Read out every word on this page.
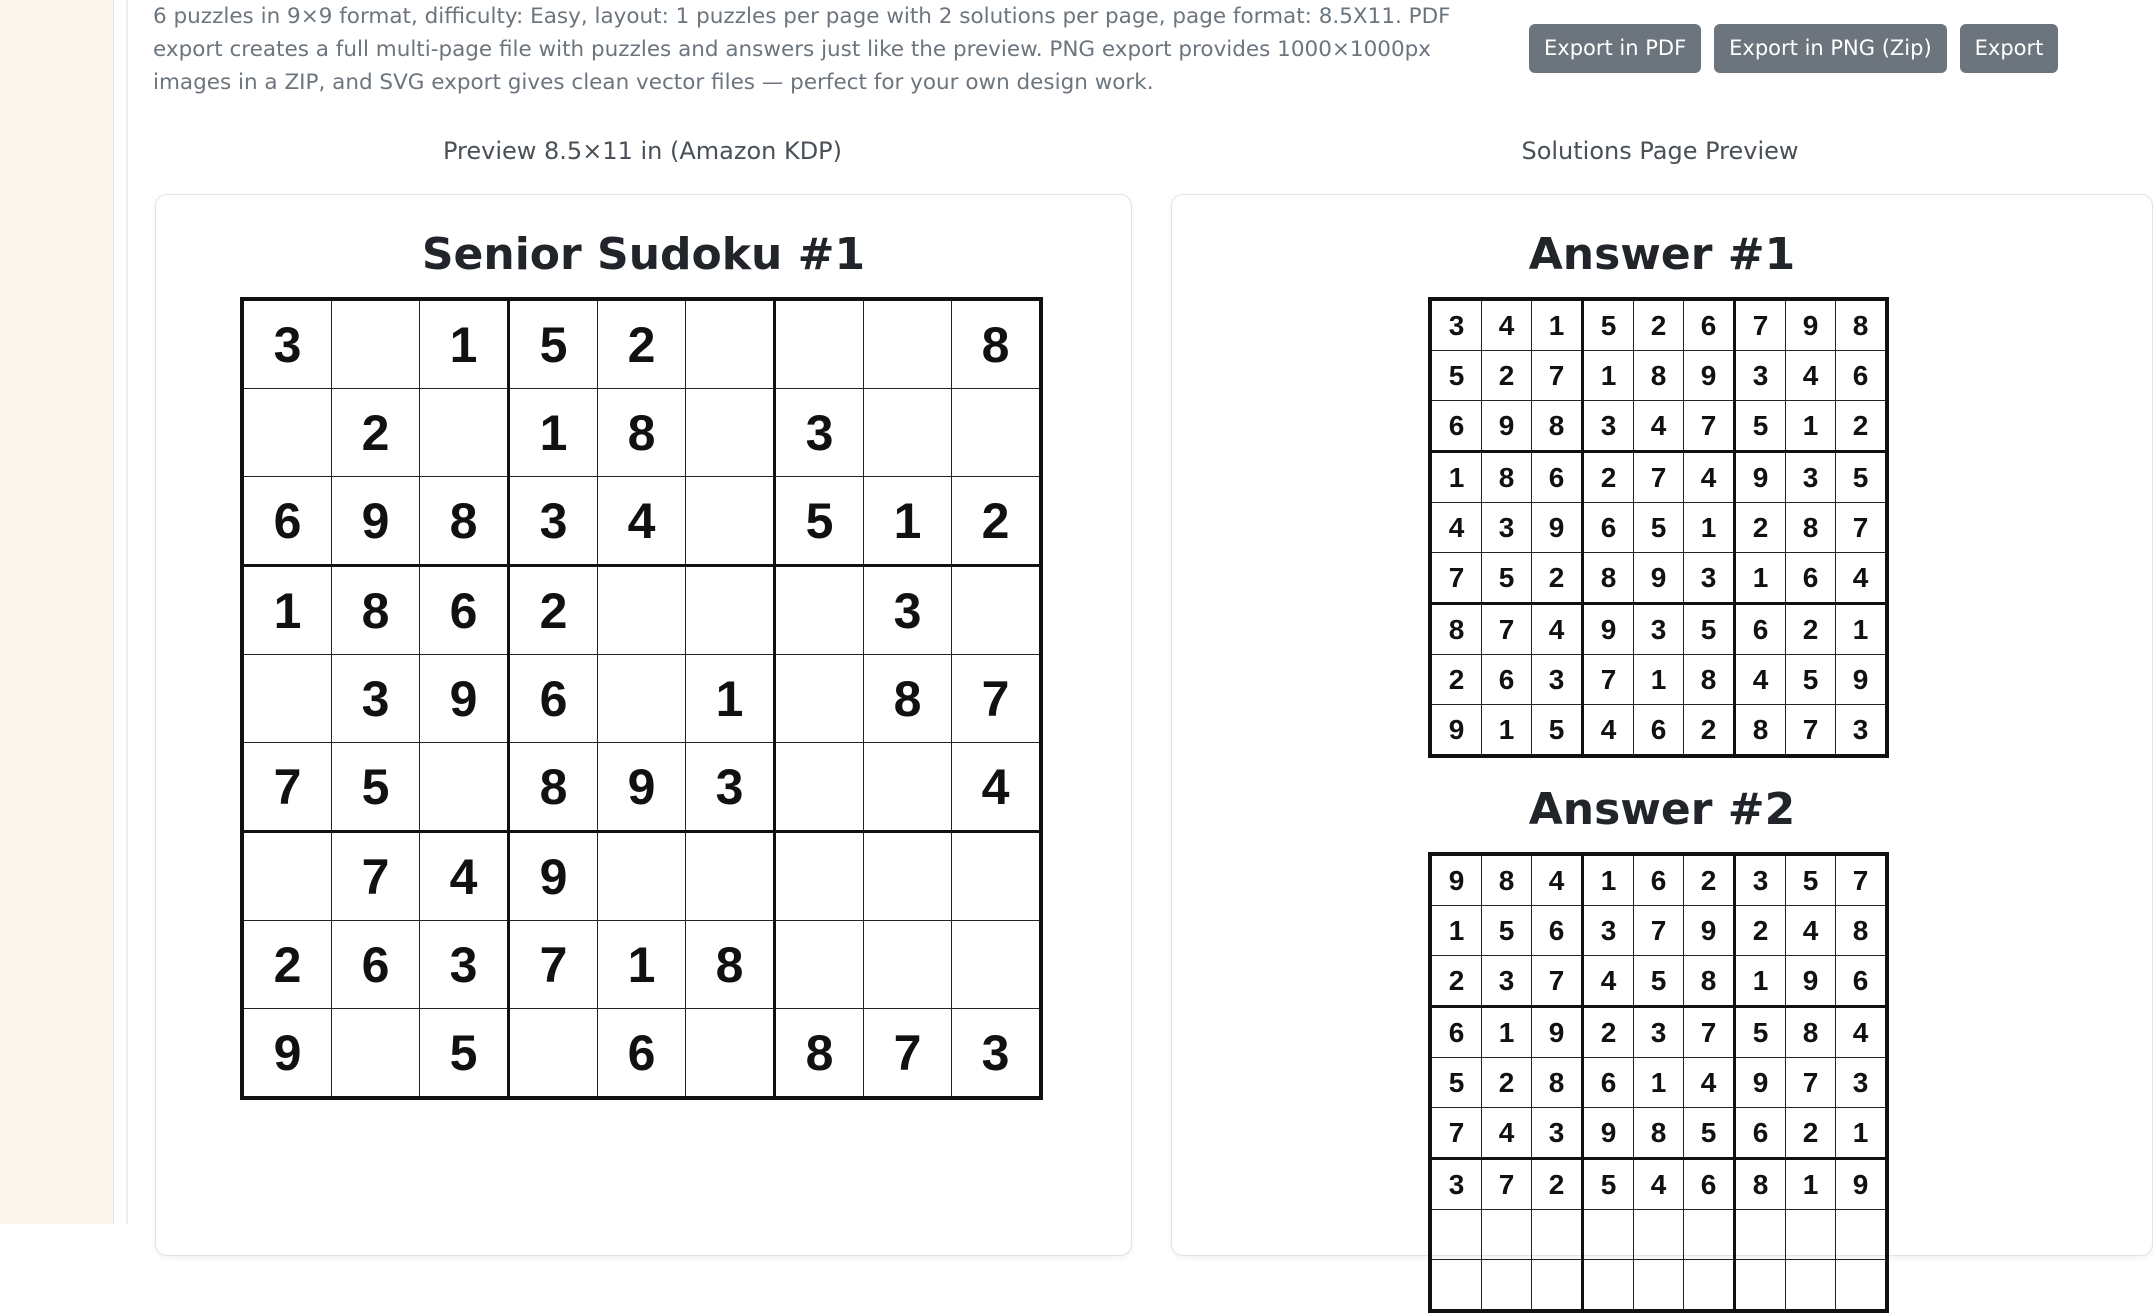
6 puzzles in 9×9 format, difficulty: Easy, layout: 1 puzzles per page with 2 solutions per page, page format: 8.5X11. PDF export creates a full multi-page file with puzzles and answers just like the preview. PNG export provides 1000×1000px images in a ZIP, and SVG export gives clean vector files — perfect for your own design work.
Export in PDF	Export in PNG (Zip)	Export
Preview 8.5×11 in (Amazon KDP)	Solutions Page Preview
Senior Sudoku #1
3		1	5	2				8
	2		1	8		3		
6	9	8	3	4		5	1	2
1	8	6	2				3	
	3	9	6		1		8	7
7	5		8	9	3			4
	7	4	9					
2	6	3	7	1	8			
9		5		6		8	7	3
Answer #1
3	4	1	5	2	6	7	9	8
5	2	7	1	8	9	3	4	6
6	9	8	3	4	7	5	1	2
1	8	6	2	7	4	9	3	5
4	3	9	6	5	1	2	8	7
7	5	2	8	9	3	1	6	4
8	7	4	9	3	5	6	2	1
2	6	3	7	1	8	4	5	9
9	1	5	4	6	2	8	7	3
Answer #2
9	8	4	1	6	2	3	5	7
1	5	6	3	7	9	2	4	8
2	3	7	4	5	8	1	9	6
6	1	9	2	3	7	5	8	4
5	2	8	6	1	4	9	7	3
7	4	3	9	8	5	6	2	1
3	7	2	5	4	6	8	1	9
